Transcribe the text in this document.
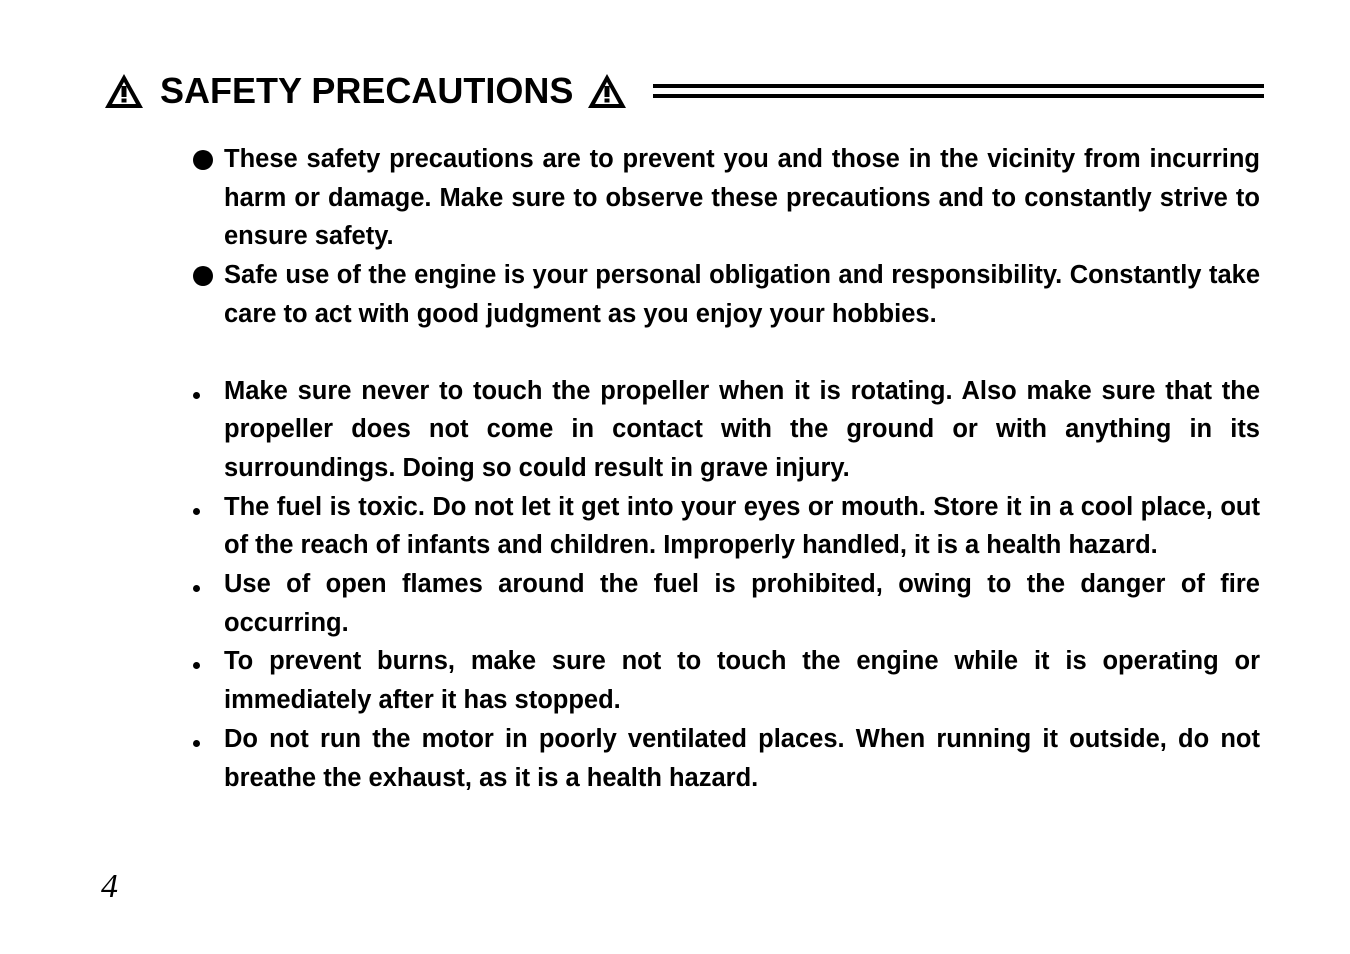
SAFETY PRECAUTIONS
These safety precautions are to prevent you and those in the vicinity from incurring harm or damage. Make sure to observe these precautions and to constantly strive to ensure safety.
Safe use of the engine is your personal obligation and responsibility. Constantly take care to act with good judgment as you enjoy your hobbies.
Make sure never to touch the propeller when it is rotating. Also make sure that the propeller does not come in contact with the ground or with anything in its surroundings. Doing so could result in grave injury.
The fuel is toxic. Do not let it get into your eyes or mouth. Store it in a cool place, out of the reach of infants and children. Improperly handled, it is a health hazard.
Use of open flames around the fuel is prohibited, owing to the danger of fire occurring.
To prevent burns, make sure not to touch the engine while it is operating or immediately after it has stopped.
Do not run the motor in poorly ventilated places. When running it outside, do not breathe the exhaust, as it is a health hazard.
4
